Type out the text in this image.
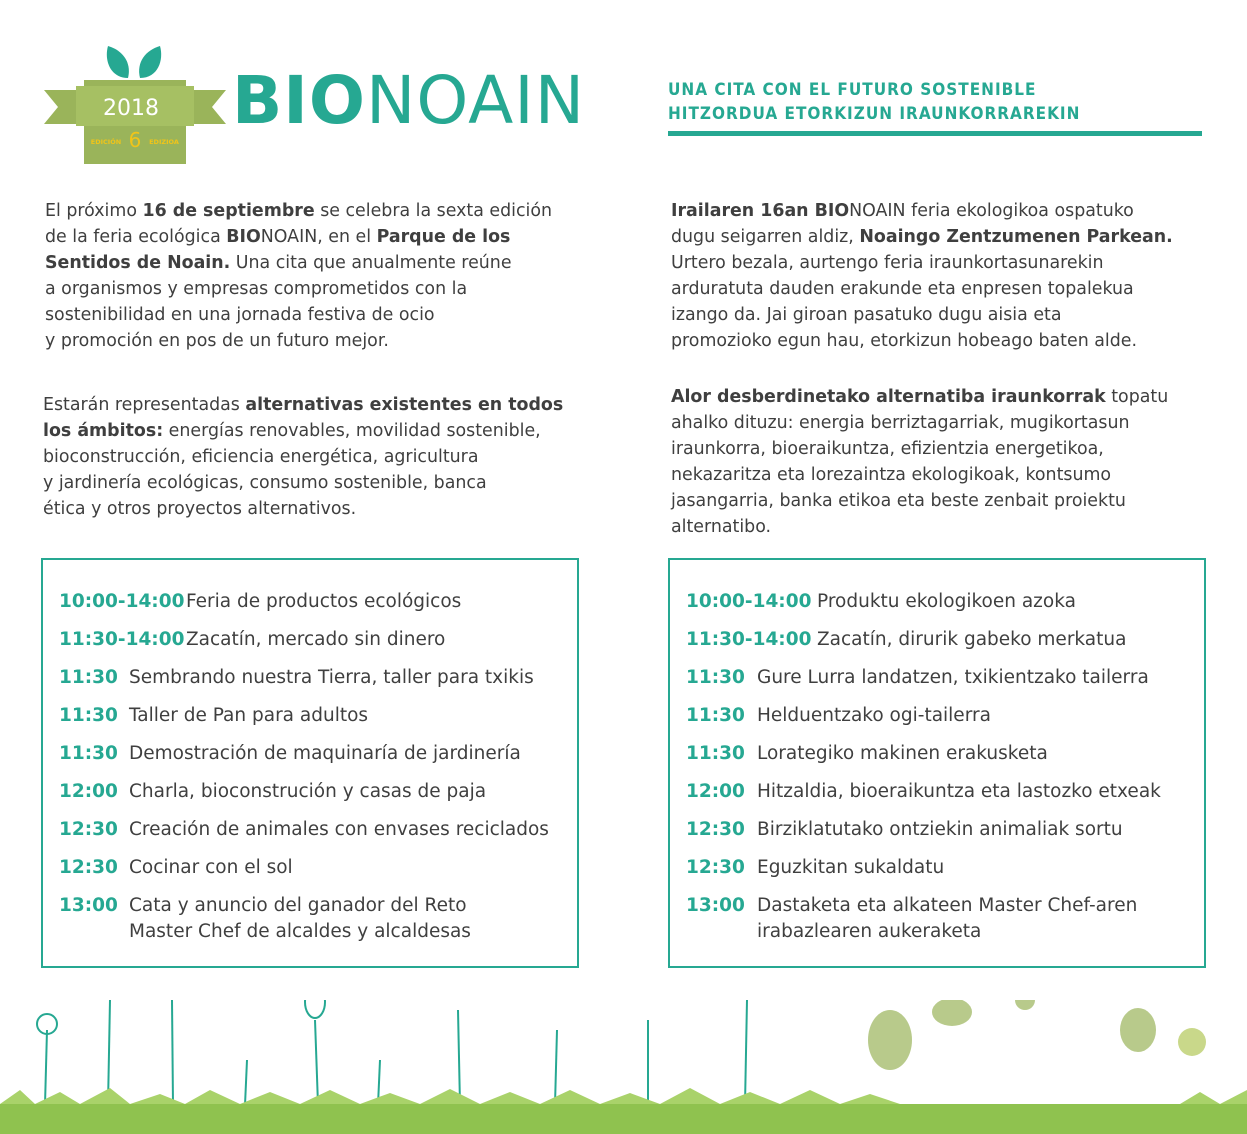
2018
EDICIÓN 6 EDIZIOA
BIONOAIN	UNA CITA CON EL FUTURO SOSTENIBLE
HITZORDUA ETORKIZUN IRAUNKORRAREKIN
El próximo 16 de septiembre se celebra la sexta edición
de la feria ecológica BIONOAIN, en el Parque de los
Sentidos de Noain. Una cita que anualmente reúne
a organismos y empresas comprometidos con la
sostenibilidad en una jornada festiva de ocio
y promoción en pos de un futuro mejor.
Estarán representadas alternativas existentes en todos
los ámbitos: energías renovables, movilidad sostenible,
bioconstrucción, eficiencia energética, agricultura
y jardinería ecológicas, consumo sostenible, banca
ética y otros proyectos alternativos.
Irailaren 16an BIONOAIN feria ekologikoa ospatuko
dugu seigarren aldiz, Noaingo Zentzumenen Parkean.
Urtero bezala, aurtengo feria iraunkortasunarekin
arduratuta dauden erakunde eta enpresen topalekua
izango da. Jai giroan pasatuko dugu aisia eta
promozioko egun hau, etorkizun hobeago baten alde.
Alor desberdinetako alternatiba iraunkorrak topatu
ahalko dituzu: energia berriztagarriak, mugikortasun
iraunkorra, bioeraikuntza, efizientzia energetikoa,
nekazaritza eta lorezaintza ekologikoak, kontsumo
jasangarria, banka etikoa eta beste zenbait proiektu
alternatibo.
10:00-14:00Feria de productos ecológicos
11:30-14:00Zacatín, mercado sin dinero
11:30 Sembrando nuestra Tierra, taller para txikis
11:30 Taller de Pan para adultos
11:30 Demostración de maquinaría de jardinería
12:00 Charla, bioconstrución y casas de paja
12:30 Creación de animales con envases reciclados
12:30 Cocinar con el sol
13:00 Cata y anuncio del ganador del Reto
Master Chef de alcaldes y alcaldesas
10:00-14:00 Produktu ekologikoen azoka
11:30-14:00 Zacatín, dirurik gabeko merkatua
11:30 Gure Lurra landatzen, txikientzako tailerra
11:30 Helduentzako ogi-tailerra
11:30 Lorategiko makinen erakusketa
12:00 Hitzaldia, bioeraikuntza eta lastozko etxeak
12:30 Birziklatutako ontziekin animaliak sortu
12:30 Eguzkitan sukaldatu
13:00 Dastaketa eta alkateen Master Chef-aren
irabazlearen aukeraketa
